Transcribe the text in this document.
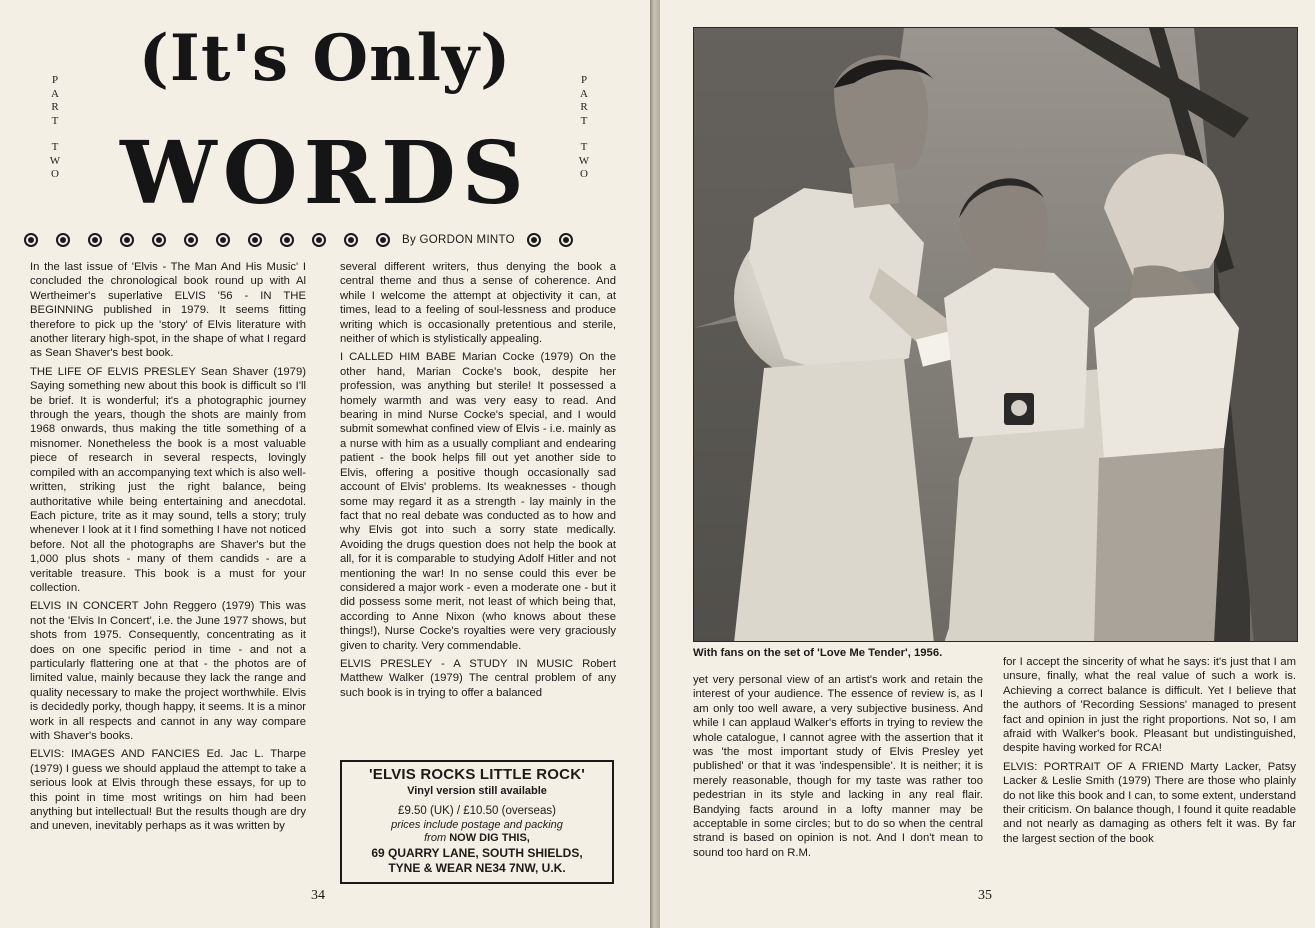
P
A
R
T
T
W
O
P
A
R
T
T
W
O
(It's Only)
WORDS
By GORDON MINTO

In the last issue of 'Elvis - The Man And His Music' I concluded the chronological book round up with Al Wertheimer's superlative ELVIS '56 - IN THE BEGINNING published in 1979. It seems fitting therefore to pick up the 'story' of Elvis literature with another literary high-spot, in the shape of what I regard as Sean Shaver's best book.

THE LIFE OF ELVIS PRESLEY Sean Shaver (1979) Saying something new about this book is difficult so I'll be brief. It is wonderful; it's a photographic journey through the years, though the shots are mainly from 1968 onwards, thus making the title something of a misnomer. Nonetheless the book is a most valuable piece of research in several respects, lovingly compiled with an accompanying text which is also well-written, striking just the right balance, being authoritative while being entertaining and anecdotal. Each picture, trite as it may sound, tells a story; truly whenever I look at it I find something I have not noticed before. Not all the photographs are Shaver's but the 1,000 plus shots - many of them candids - are a veritable treasure. This book is a must for your collection.

ELVIS IN CONCERT John Reggero (1979) This was not the 'Elvis In Concert', i.e. the June 1977 shows, but shots from 1975. Consequently, concentrating as it does on one specific period in time - and not a particularly flattering one at that - the photos are of limited value, mainly because they lack the range and quality necessary to make the project worthwhile. Elvis is decidedly porky, though happy, it seems. It is a minor work in all respects and cannot in any way compare with Shaver's books.

ELVIS: IMAGES AND FANCIES Ed. Jac L. Tharpe (1979) I guess we should applaud the attempt to take a serious look at Elvis through these essays, for up to this point in time most writings on him had been anything but intellectual! But the results though are dry and uneven, inevitably perhaps as it was written by

several different writers, thus denying the book a central theme and thus a sense of coherence. And while I welcome the attempt at objectivity it can, at times, lead to a feeling of soul-lessness and produce writing which is occasionally pretentious and sterile, neither of which is stylistically appealing.

I CALLED HIM BABE Marian Cocke (1979) On the other hand, Marian Cocke's book, despite her profession, was anything but sterile! It possessed a homely warmth and was very easy to read. And bearing in mind Nurse Cocke's special, and I would submit somewhat confined view of Elvis - i.e. mainly as a nurse with him as a usually compliant and endearing patient - the book helps fill out yet another side to Elvis, offering a positive though occasionally sad account of Elvis' problems. Its weaknesses - though some may regard it as a strength - lay mainly in the fact that no real debate was conducted as to how and why Elvis got into such a sorry state medically. Avoiding the drugs question does not help the book at all, for it is comparable to studying Adolf Hitler and not mentioning the war! In no sense could this ever be considered a major work - even a moderate one - but it did possess some merit, not least of which being that, according to Anne Nixon (who knows about these things!), Nurse Cocke's royalties were very graciously given to charity. Very commendable.

ELVIS PRESLEY - A STUDY IN MUSIC Robert Matthew Walker (1979) The central problem of any such book is in trying to offer a balanced

'ELVIS ROCKS LITTLE ROCK'

Vinyl version still available

£9.50 (UK) / £10.50 (overseas)

prices include postage and packing

from NOW DIG THIS,

69 QUARRY LANE, SOUTH SHIELDS,

TYNE & WEAR NE34 7NW, U.K.

34
With fans on the set of 'Love Me Tender', 1956.

yet very personal view of an artist's work and retain the interest of your audience. The essence of review is, as I am only too well aware, a very subjective business. And while I can applaud Walker's efforts in trying to review the whole catalogue, I cannot agree with the assertion that it was 'the most important study of Elvis Presley yet published' or that it was 'indespensible'. It is neither; it is merely reasonable, though for my taste was rather too pedestrian in its style and lacking in any real flair. Bandying facts around in a lofty manner may be acceptable in some circles; but to do so when the central strand is based on opinion is not. And I don't mean to sound too hard on R.M.

for I accept the sincerity of what he says: it's just that I am unsure, finally, what the real value of such a work is. Achieving a correct balance is difficult. Yet I believe that the authors of 'Recording Sessions' managed to present fact and opinion in just the right proportions. Not so, I am afraid with Walker's book. Pleasant but undistinguished, despite having worked for RCA!

ELVIS: PORTRAIT OF A FRIEND Marty Lacker, Patsy Lacker & Leslie Smith (1979) There are those who plainly do not like this book and I can, to some extent, understand their criticism. On balance though, I found it quite readable and not nearly as damaging as others felt it was. By far the largest section of the book

35
